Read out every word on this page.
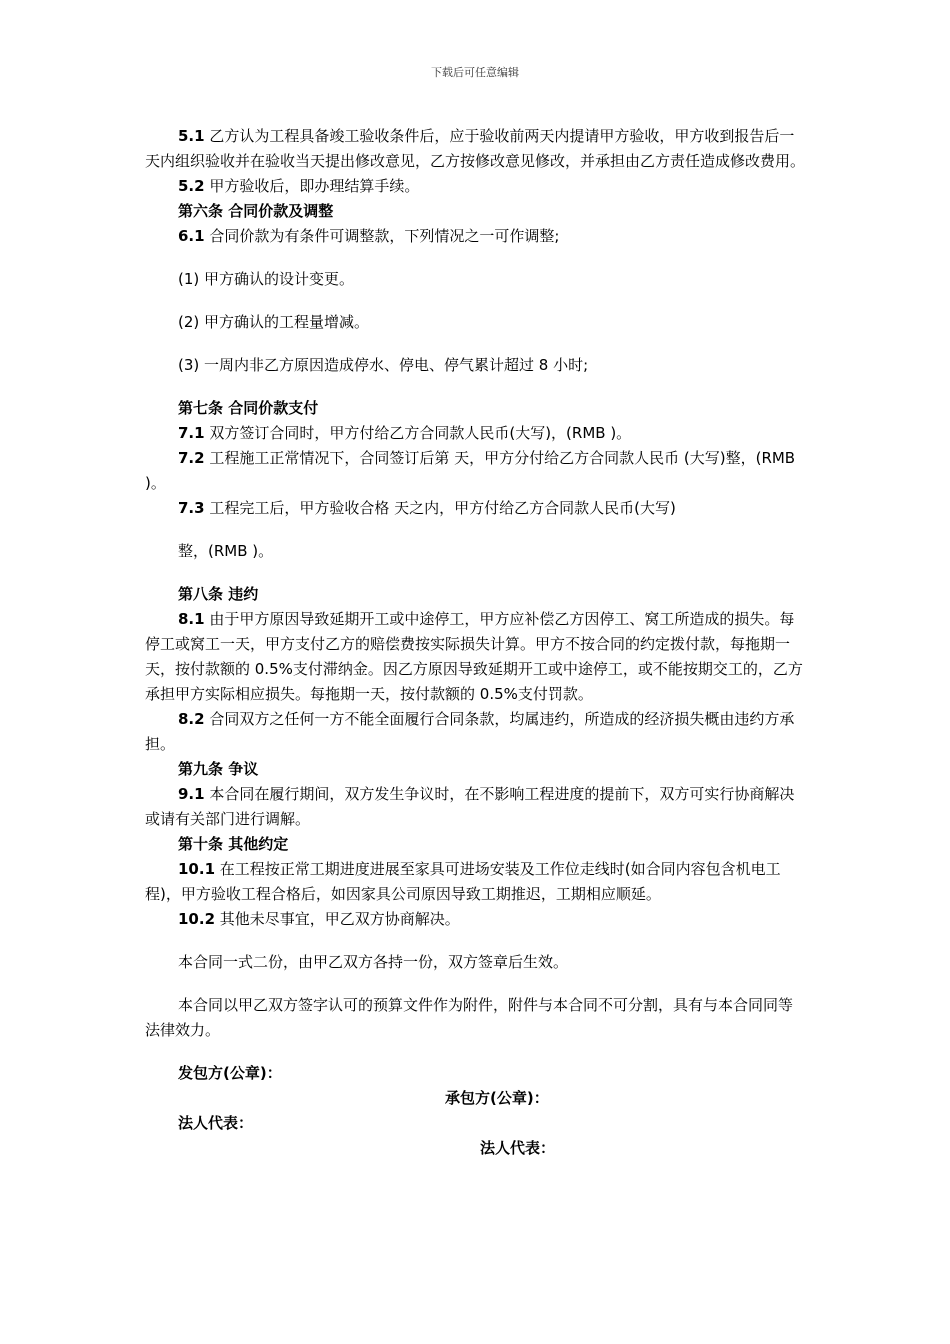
下载后可任意编辑

5.1 乙方认为工程具备竣工验收条件后，应于验收前两天内提请甲方验收，甲方收到报告后一天内组织验收并在验收当天提出修改意见，乙方按修改意见修改，并承担由乙方责任造成修改费用。

5.2 甲方验收后，即办理结算手续。

第六条 合同价款及调整

6.1 合同价款为有条件可调整款，下列情况之一可作调整;

(1) 甲方确认的设计变更。

(2) 甲方确认的工程量增减。

(3) 一周内非乙方原因造成停水、停电、停气累计超过 8 小时;

第七条 合同价款支付

7.1 双方签订合同时，甲方付给乙方合同款人民币(大写)，(RMB )。

7.2 工程施工正常情况下，合同签订后第 天，甲方分付给乙方合同款人民币 (大写)整，(RMB )。

7.3 工程完工后，甲方验收合格 天之内，甲方付给乙方合同款人民币(大写)

整，(RMB )。

第八条 违约

8.1 由于甲方原因导致延期开工或中途停工，甲方应补偿乙方因停工、窝工所造成的损失。每停工或窝工一天，甲方支付乙方的赔偿费按实际损失计算。甲方不按合同的约定拨付款，每拖期一天，按付款额的 0.5%支付滞纳金。因乙方原因导致延期开工或中途停工，或不能按期交工的，乙方承担甲方实际相应损失。每拖期一天，按付款额的 0.5%支付罚款。

8.2 合同双方之任何一方不能全面履行合同条款，均属违约，所造成的经济损失概由违约方承担。

第九条 争议

9.1 本合同在履行期间，双方发生争议时，在不影响工程进度的提前下，双方可实行协商解决或请有关部门进行调解。

第十条 其他约定

10.1 在工程按正常工期进度进展至家具可进场安装及工作位走线时(如合同内容包含机电工程)，甲方验收工程合格后，如因家具公司原因导致工期推迟，工期相应顺延。

10.2 其他未尽事宜，甲乙双方协商解决。

本合同一式二份，由甲乙双方各持一份，双方签章后生效。

本合同以甲乙双方签字认可的预算文件作为附件，附件与本合同不可分割，具有与本合同同等法律效力。

发包方(公章)：

承包方(公章)：

法人代表：

法人代表：
